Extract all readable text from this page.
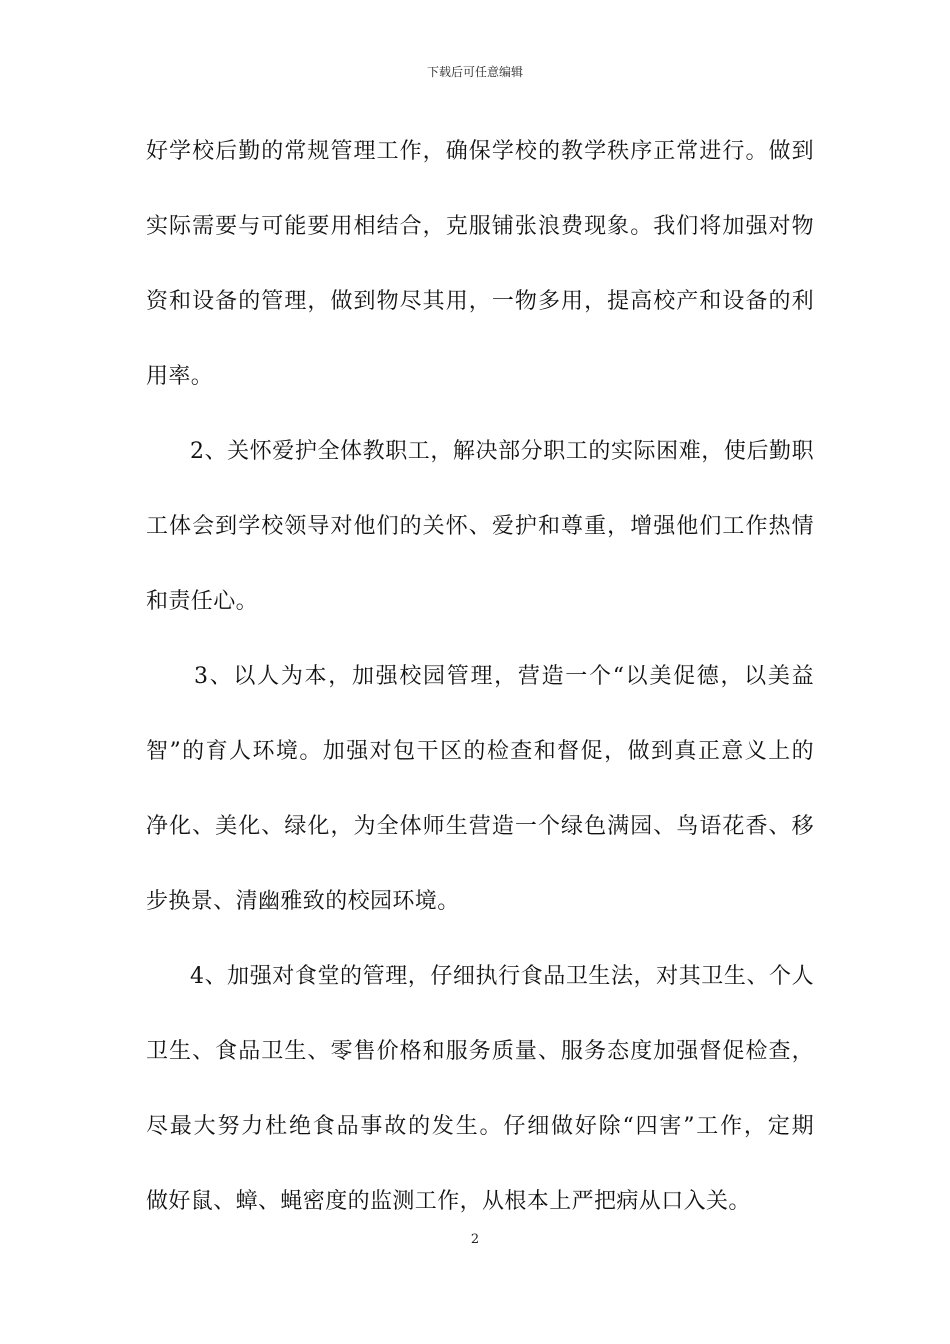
下载后可任意编辑
好学校后勤的常规管理工作，确保学校的教学秩序正常进行。做到
实际需要与可能要用相结合，克服铺张浪费现象。我们将加强对物
资和设备的管理，做到物尽其用，一物多用，提高校产和设备的利
用率。
2、关怀爱护全体教职工，解决部分职工的实际困难，使后勤职
工体会到学校领导对他们的关怀、爱护和尊重，增强他们工作热情
和责任心。
3、以人为本，加强校园管理，营造一个“以美促德，以美益
智”的育人环境。加强对包干区的检查和督促，做到真正意义上的
净化、美化、绿化，为全体师生营造一个绿色满园、鸟语花香、移
步换景、清幽雅致的校园环境。
4、加强对食堂的管理，仔细执行食品卫生法，对其卫生、个人
卫生、食品卫生、零售价格和服务质量、服务态度加强督促检查，
尽最大努力杜绝食品事故的发生。仔细做好除“四害”工作，定期
做好鼠、蟑、蝇密度的监测工作，从根本上严把病从口入关。
2
